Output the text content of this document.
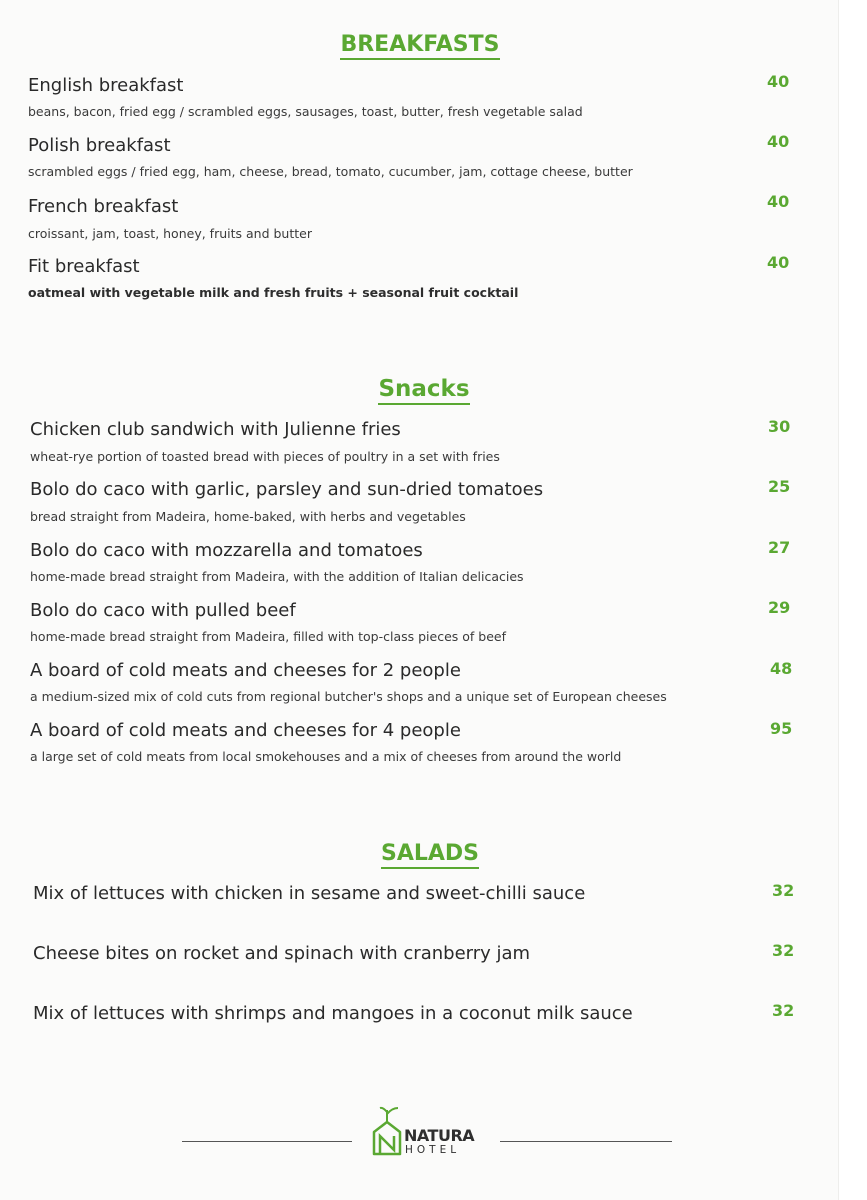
BREAKFASTS
English breakfast	40
beans, bacon, fried egg / scrambled eggs, sausages, toast, butter, fresh vegetable salad
Polish breakfast	40
scrambled eggs / fried egg, ham, cheese, bread, tomato, cucumber, jam, cottage cheese, butter
French breakfast	40
croissant, jam, toast, honey, fruits and butter
Fit breakfast	40
oatmeal with vegetable milk and fresh fruits + seasonal fruit cocktail
Snacks
Chicken club sandwich with Julienne fries	30
wheat-rye portion of toasted bread with pieces of poultry in a set with fries
Bolo do caco with garlic, parsley and sun-dried tomatoes	25
bread straight from Madeira, home-baked, with herbs and vegetables
Bolo do caco with mozzarella and tomatoes	27
home-made bread straight from Madeira, with the addition of Italian delicacies
Bolo do caco with pulled beef	29
home-made bread straight from Madeira, filled with top-class pieces of beef
A board of cold meats and cheeses for 2 people	48
a medium-sized mix of cold cuts from regional butcher's shops and a unique set of European cheeses
A board of cold meats and cheeses for 4 people	95
a large set of cold meats from local smokehouses and a mix of cheeses from around the world
SALADS
Mix of lettuces with chicken in sesame and sweet-chilli sauce	32
Cheese bites on rocket and spinach with cranberry jam	32
Mix of lettuces with shrimps and mangoes in a coconut milk sauce	32
NATURA
HOTEL
